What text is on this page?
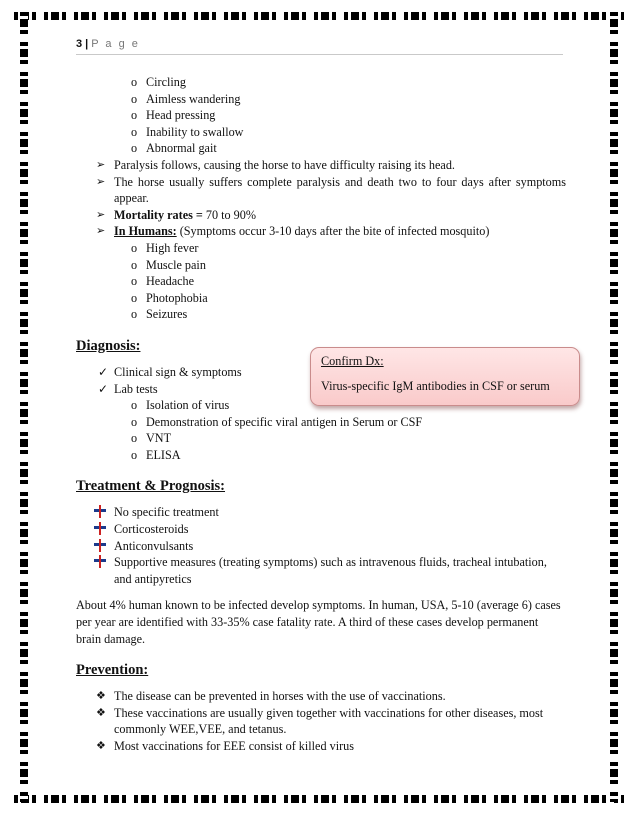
3 | P a g e
o Circling
o Aimless wandering
o Head pressing
o Inability to swallow
o Abnormal gait
➢ Paralysis follows, causing the horse to have difficulty raising its head.
➢ The horse usually suffers complete paralysis and death two to four days after symptoms appear.
➢ Mortality rates = 70 to 90%
➢ In Humans: (Symptoms occur 3-10 days after the bite of infected mosquito)
o High fever
o Muscle pain
o Headache
o Photophobia
o Seizures
Diagnosis:
✓ Clinical sign & symptoms
✓ Lab tests
o Isolation of virus
o Demonstration of specific viral antigen in Serum or CSF
o VNT
o ELISA
Treatment & Prognosis:
No specific treatment
Corticosteroids
Anticonvulsants
Supportive measures (treating symptoms) such as intravenous fluids, tracheal intubation, and antipyretics

About 4% human known to be infected develop symptoms. In human, USA, 5-10 (average 6) cases per year are identified with 33-35% case fatality rate. A third of these cases develop permanent brain damage.

Prevention:
❖ The disease can be prevented in horses with the use of vaccinations.
❖ These vaccinations are usually given together with vaccinations for other diseases, most commonly WEE,VEE, and tetanus.
❖ Most vaccinations for EEE consist of killed virus
Confirm Dx:
Virus-specific IgM antibodies in CSF or serum
